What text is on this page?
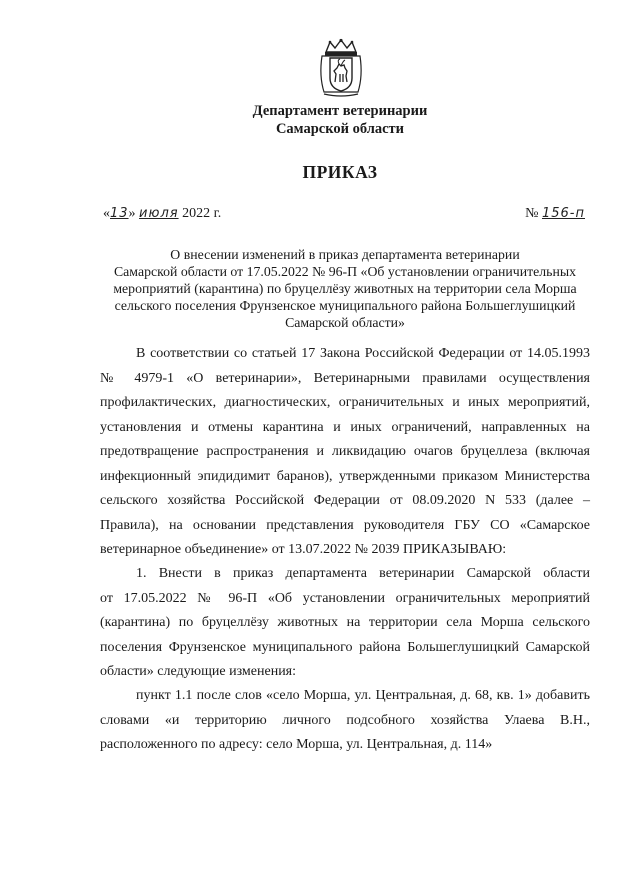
Департамент ветеринарии
Самарской области
ПРИКАЗ
«13» июля 2022 г.	№ 156-п
О внесении изменений в приказ департамента ветеринарии
Самарской области от 17.05.2022 № 96-П «Об установлении ограничительных
мероприятий (карантина) по бруцеллёзу животных на территории села Морша
сельского поселения Фрунзенское муниципального района Большеглушицкий
Самарской области»
В соответствии со статьей 17 Закона Российской Федерации от 14.05.1993
№ 4979-1 «О ветеринарии», Ветеринарными правилами осуществления
профилактических, диагностических, ограничительных и иных мероприятий,
установления и отмены карантина и иных ограничений, направленных на
предотвращение распространения и ликвидацию очагов бруцеллеза (включая
инфекционный эпидидимит баранов), утвержденными приказом Министерства
сельского хозяйства Российской Федерации от 08.09.2020 N 533 (далее –
Правила), на основании представления руководителя ГБУ СО «Самарское
ветеринарное объединение» от 13.07.2022 № 2039 ПРИКАЗЫВАЮ:
1. Внести в приказ департамента ветеринарии Самарской области
от 17.05.2022 № 96-П «Об установлении ограничительных мероприятий
(карантина) по бруцеллёзу животных на территории села Морша сельского
поселения Фрунзенское муниципального района Большеглушицкий Самарской
области» следующие изменения:
пункт 1.1 после слов «село Морша, ул. Центральная, д. 68, кв. 1» добавить
словами «и территорию личного подсобного хозяйства Улаева В.Н.,
расположенного по адресу: село Морша, ул. Центральная, д. 114»
